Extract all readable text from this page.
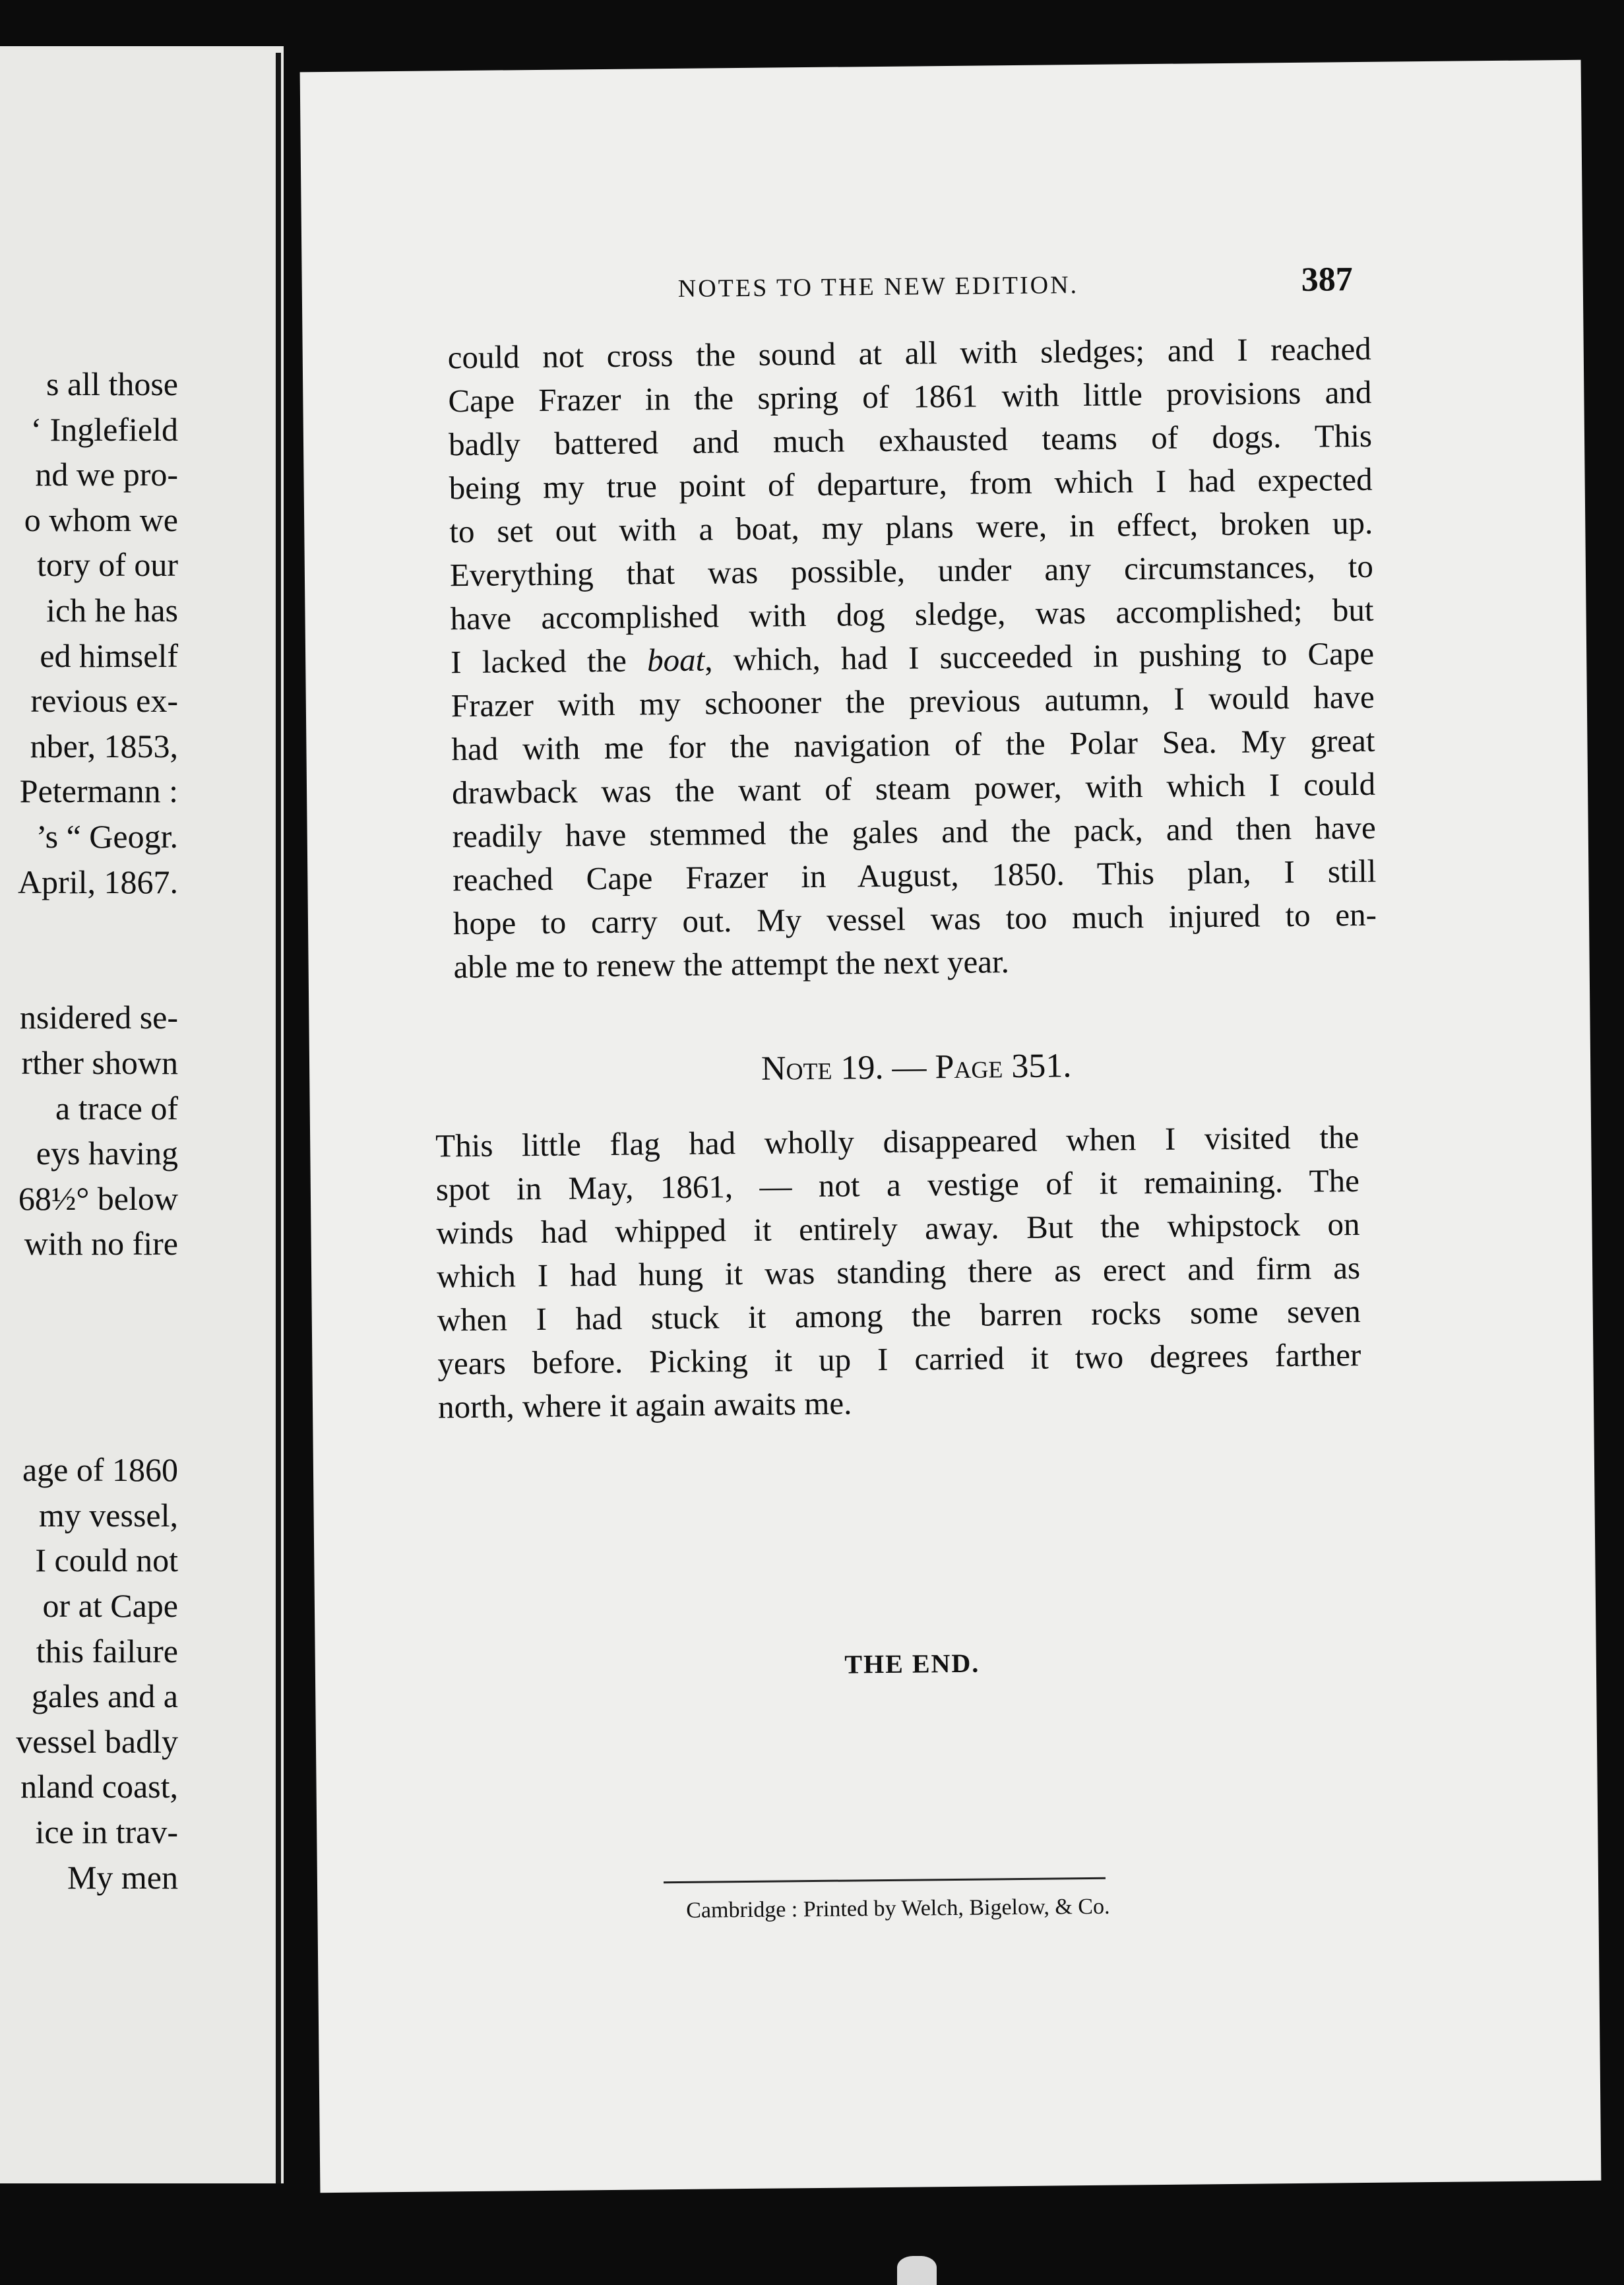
s all those
‘ Inglefield
nd we pro-
o whom we
tory of our
ich he has
ed himself
revious ex-
nber, 1853,
Petermann :
’s “ Geogr.
April, 1867.
nsidered se-
rther shown
a trace of
eys having
68½° below
with no fire
age of 1860
my vessel,
I could not
or at Cape
this failure
gales and a
vessel badly
nland coast,
ice in trav-
My men
NOTES TO THE NEW EDITION.	387
could not cross the sound at all with sledges; and I reached
Cape Frazer in the spring of 1861 with little provisions and
badly battered and much exhausted teams of dogs. This
being my true point of departure, from which I had expected
to set out with a boat, my plans were, in effect, broken up.
Everything that was possible, under any circumstances, to
have accomplished with dog sledge, was accomplished; but
I lacked the boat, which, had I succeeded in pushing to Cape
Frazer with my schooner the previous autumn, I would have
had with me for the navigation of the Polar Sea. My great
drawback was the want of steam power, with which I could
readily have stemmed the gales and the pack, and then have
reached Cape Frazer in August, 1850. This plan, I still
hope to carry out. My vessel was too much injured to en-
able me to renew the attempt the next year.
Note 19. — Page 351.
This little flag had wholly disappeared when I visited the
spot in May, 1861, — not a vestige of it remaining. The
winds had whipped it entirely away. But the whipstock on
which I had hung it was standing there as erect and firm as
when I had stuck it among the barren rocks some seven
years before. Picking it up I carried it two degrees farther
north, where it again awaits me.
THE END.
Cambridge : Printed by Welch, Bigelow, & Co.
